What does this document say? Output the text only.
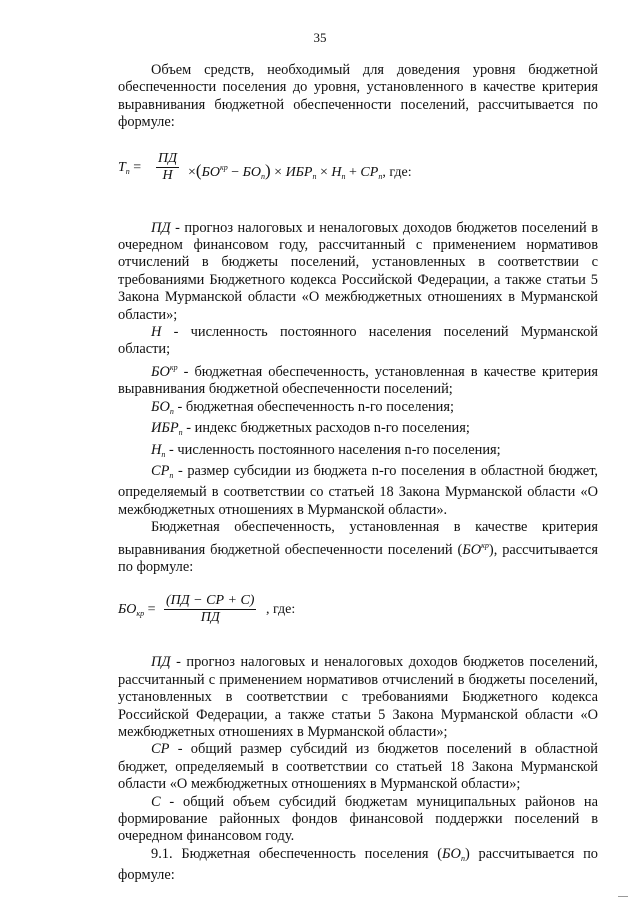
35

Объем средств, необходимый для доведения уровня бюджетной обеспеченности поселения до уровня, установленного в качестве критерия выравнивания бюджетной обеспеченности поселений, рассчитывается по формуле:

$Т_п$ =
ПД
Н	$\times(БО^{кр} - БО_п) \times ИБР_п \times Н_п + СР_п$, где:

ПД - прогноз налоговых и неналоговых доходов бюджетов поселений в очередном финансовом году, рассчитанный с применением нормативов отчислений в бюджеты поселений, установленных в соответствии с требованиями Бюджетного кодекса Российской Федерации, а также статьи 5 Закона Мурманской области «О межбюджетных отношениях в Мурманской области»;

Н - численность постоянного населения поселений Мурманской области;

$БО^{кр}$ - бюджетная обеспеченность, установленная в качестве критерия выравнивания бюджетной обеспеченности поселений;

$БО_п$ - бюджетная обеспеченность n-го поселения;

$ИБР_п$ - индекс бюджетных расходов n-го поселения;

$Н_п$ - численность постоянного населения n-го поселения;

$СР_п$ - размер субсидии из бюджета n-го поселения в областной бюджет, определяемый в соответствии со статьей 18 Закона Мурманской области «О межбюджетных отношениях в Мурманской области».

Бюджетная обеспеченность, установленная в качестве критерия выравнивания бюджетной обеспеченности поселений $(БО^{кр})$, рассчитывается по формуле:

$БО_{кр}$ =
(ПД − СР + С)
ПД
, где:

ПД - прогноз налоговых и неналоговых доходов бюджетов поселений, рассчитанный с применением нормативов отчислений в бюджеты поселений, установленных в соответствии с требованиями Бюджетного кодекса Российской Федерации, а также статьи 5 Закона Мурманской области «О межбюджетных отношениях в Мурманской области»;

СР - общий размер субсидий из бюджетов поселений в областной бюджет, определяемый в соответствии со статьей 18 Закона Мурманской области «О межбюджетных отношениях в Мурманской области»;

С - общий объем субсидий бюджетам муниципальных районов на формирование районных фондов финансовой поддержки поселений в очередном финансовом году.

9.1. Бюджетная обеспеченность поселения $(БО_п)$ рассчитывается по формуле:
